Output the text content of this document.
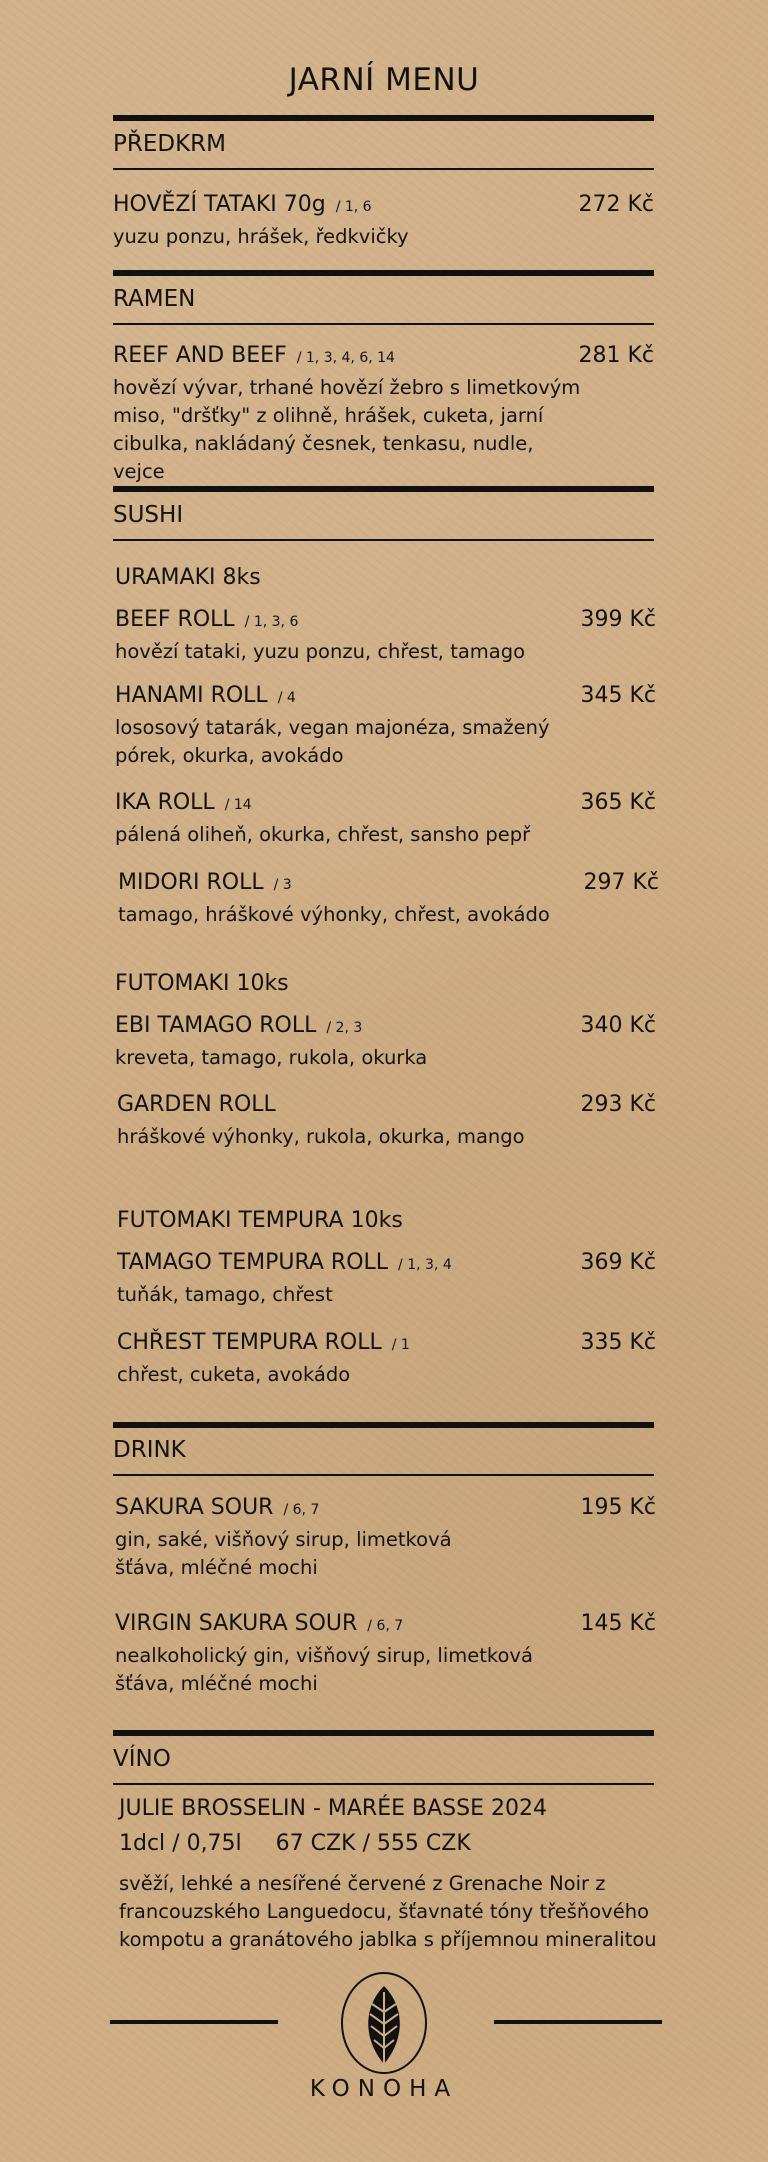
JARNÍ MENU
PŘEDKRM
HOVĚZÍ TATAKI 70g / 1, 6	272 Kč
yuzu ponzu, hrášek, ředkvičky
RAMEN
REEF AND BEEF / 1, 3, 4, 6, 14	281 Kč
hovězí vývar, trhané hovězí žebro s limetkovým miso, "dršťky" z olihně, hrášek, cuketa, jarní cibulka, nakládaný česnek, tenkasu, nudle, vejce
SUSHI
URAMAKI 8ks
BEEF ROLL / 1, 3, 6	399 Kč
hovězí tataki, yuzu ponzu, chřest, tamago
HANAMI ROLL / 4	345 Kč
lososový tatarák, vegan majonéza, smažený pórek, okurka, avokádo
IKA ROLL / 14	365 Kč
pálená olihеň, okurka, chřest, sansho pepř
MIDORI ROLL / 3	297 Kč
tamago, hráškové výhonky, chřest, avokádo
FUTOMAKI 10ks
EBI TAMAGO ROLL / 2, 3	340 Kč
kreveta, tamago, rukola, okurka
GARDEN ROLL	293 Kč
hráškové výhonky, rukola, okurka, mango
FUTOMAKI TEMPURA 10ks
TAMAGO TEMPURA ROLL / 1, 3, 4	369 Kč
tuňák, tamago, chřest
CHŘEST TEMPURA ROLL / 1	335 Kč
chřest, cuketa, avokádo
DRINK
SAKURA SOUR / 6, 7	195 Kč
gin, saké, višňový sirup, limetková šťáva, mléčné mochi
VIRGIN SAKURA SOUR / 6, 7	145 Kč
nealkoholický gin, višňový sirup, limetková šťáva, mléčné mochi
VÍNO
JULIE BROSSELIN - MARÉE BASSE 2024
1dcl / 0,75l 67 CZK / 555 CZK
svěží, lehké a nesířené červené z Grenache Noir z francouzského Languedocu, šťavnaté tóny třešňového kompotu a granátového jablka s příjemnou mineralitou
KONOHA
